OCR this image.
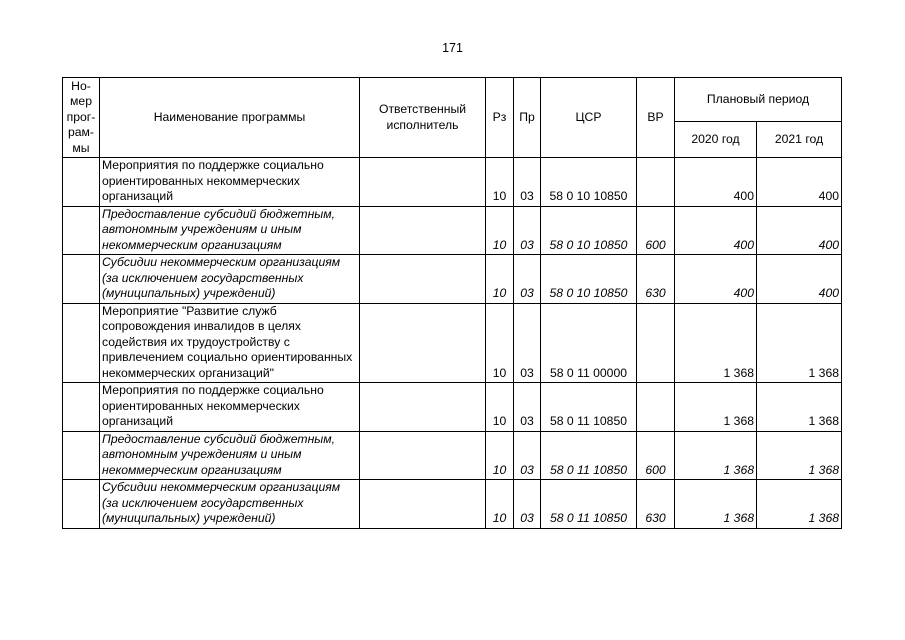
171
Но-мер прог-рам-мы	Наименование программы	Ответственный исполнитель	Рз	Пр	ЦСР	ВР	Плановый период	
							2020 год	2021 год
	Мероприятия по поддержке социально ориентированных некоммерческих организаций		10	03	58 0 10 10850		400	400
	Предоставление субсидий бюджетным, автономным учреждениям и иным некоммерческим организациям		10	03	58 0 10 10850	600	400	400
	Субсидии некоммерческим организациям (за исключением государственных (муниципальных) учреждений)		10	03	58 0 10 10850	630	400	400
	Мероприятие "Развитие служб сопровождения инвалидов в целях содействия их трудоустройству с привлечением социально ориентированных некоммерческих организаций"		10	03	58 0 11 00000		1 368	1 368
	Мероприятия по поддержке социально ориентированных некоммерческих организаций		10	03	58 0 11 10850		1 368	1 368
	Предоставление субсидий бюджетным, автономным учреждениям и иным некоммерческим организациям		10	03	58 0 11 10850	600	1 368	1 368
	Субсидии некоммерческим организациям (за исключением государственных (муниципальных) учреждений)		10	03	58 0 11 10850	630	1 368	1 368
